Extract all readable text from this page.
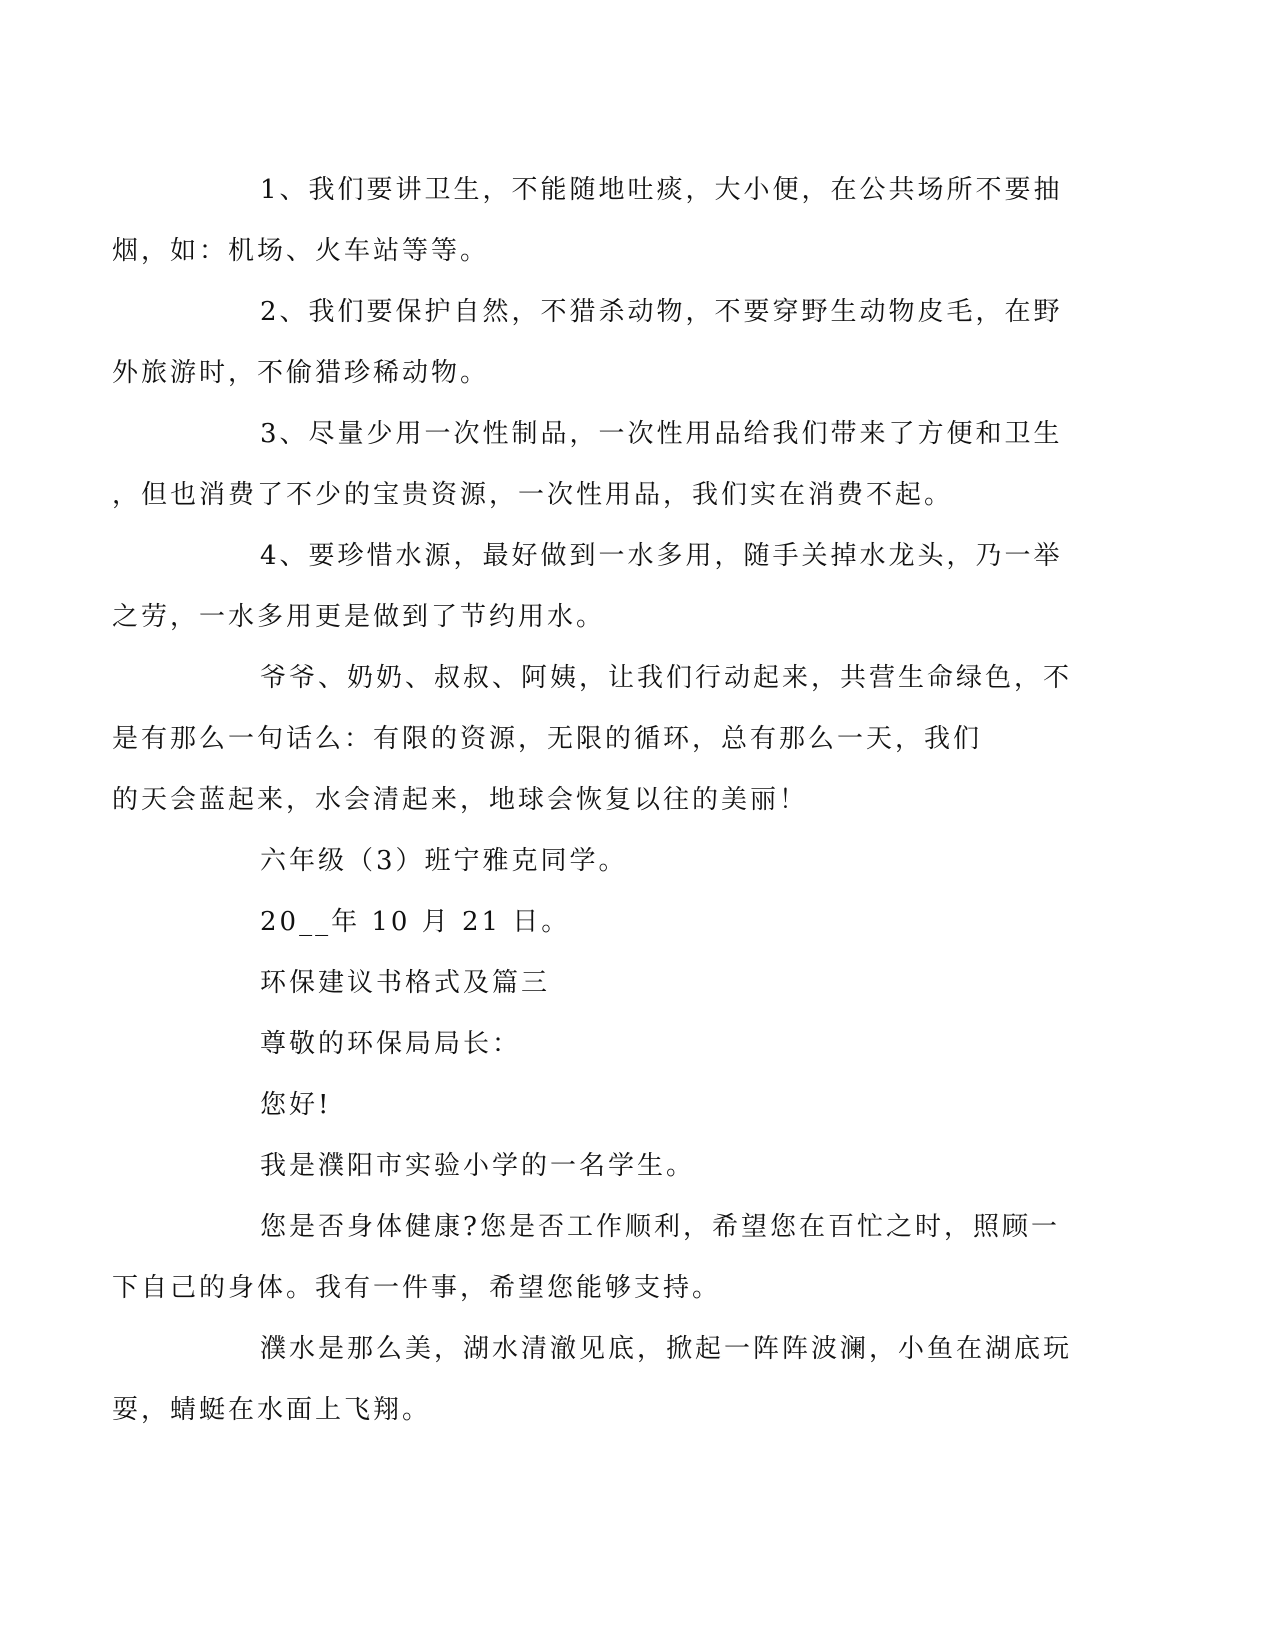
1、我们要讲卫生，不能随地吐痰，大小便，在公共场所不要抽
烟，如：机场、火车站等等。

2、我们要保护自然，不猎杀动物，不要穿野生动物皮毛，在野
外旅游时，不偷猎珍稀动物。

3、尽量少用一次性制品，一次性用品给我们带来了方便和卫生
，但也消费了不少的宝贵资源，一次性用品，我们实在消费不起。

4、要珍惜水源，最好做到一水多用，随手关掉水龙头，乃一举
之劳，一水多用更是做到了节约用水。

爷爷、奶奶、叔叔、阿姨，让我们行动起来，共营生命绿色，不
是有那么一句话么：有限的资源，无限的循环，总有那么一天，我们
的天会蓝起来，水会清起来，地球会恢复以往的美丽！

六年级（3）班宁雅克同学。

20__年 10 月 21 日。

环保建议书格式及篇三

尊敬的环保局局长：

您好!

我是濮阳市实验小学的一名学生。

您是否身体健康?您是否工作顺利，希望您在百忙之时，照顾一
下自己的身体。我有一件事，希望您能够支持。

濮水是那么美，湖水清澈见底，掀起一阵阵波澜，小鱼在湖底玩
耍，蜻蜓在水面上飞翔。
